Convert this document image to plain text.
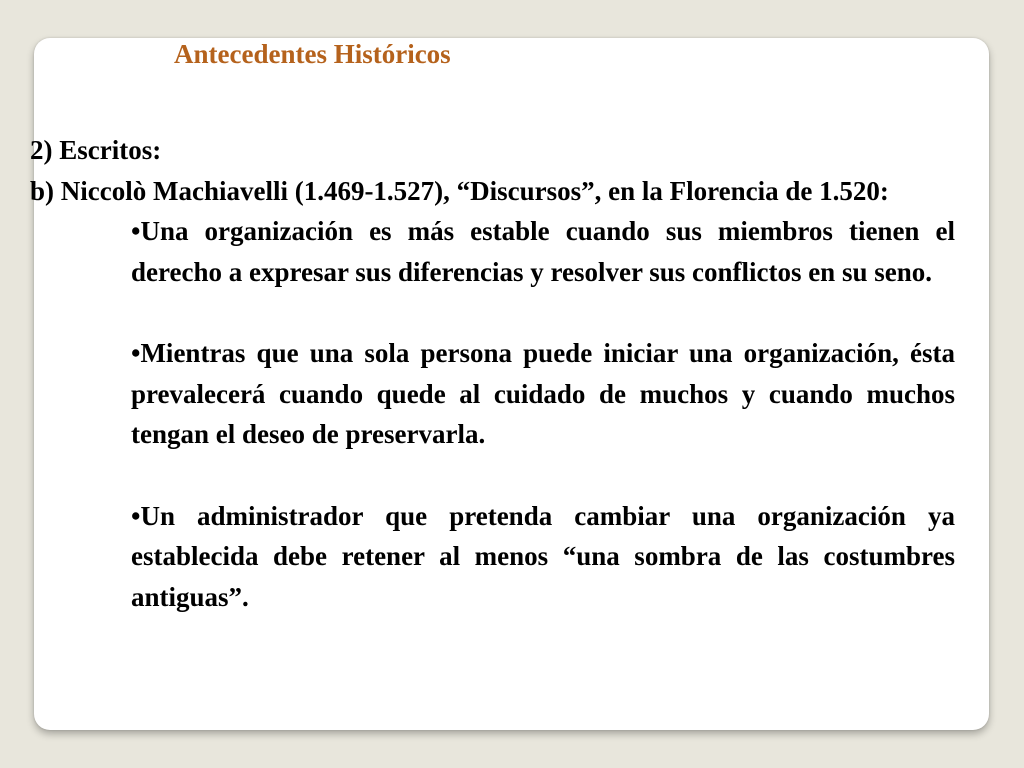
Antecedentes Históricos

2) Escritos:

b) Niccolò Machiavelli (1.469-1.527), “Discursos”, en la Florencia de 1.520:

•Una organización es más estable cuando sus miembros tienen el derecho a expresar sus diferencias y resolver sus conflictos en su seno.
•Mientras que una sola persona puede iniciar una organización, ésta prevalecerá cuando quede al cuidado de muchos y cuando muchos tengan el deseo de preservarla.
•Un administrador que pretenda cambiar una organización ya establecida debe retener al menos “una sombra de las costumbres antiguas”.
